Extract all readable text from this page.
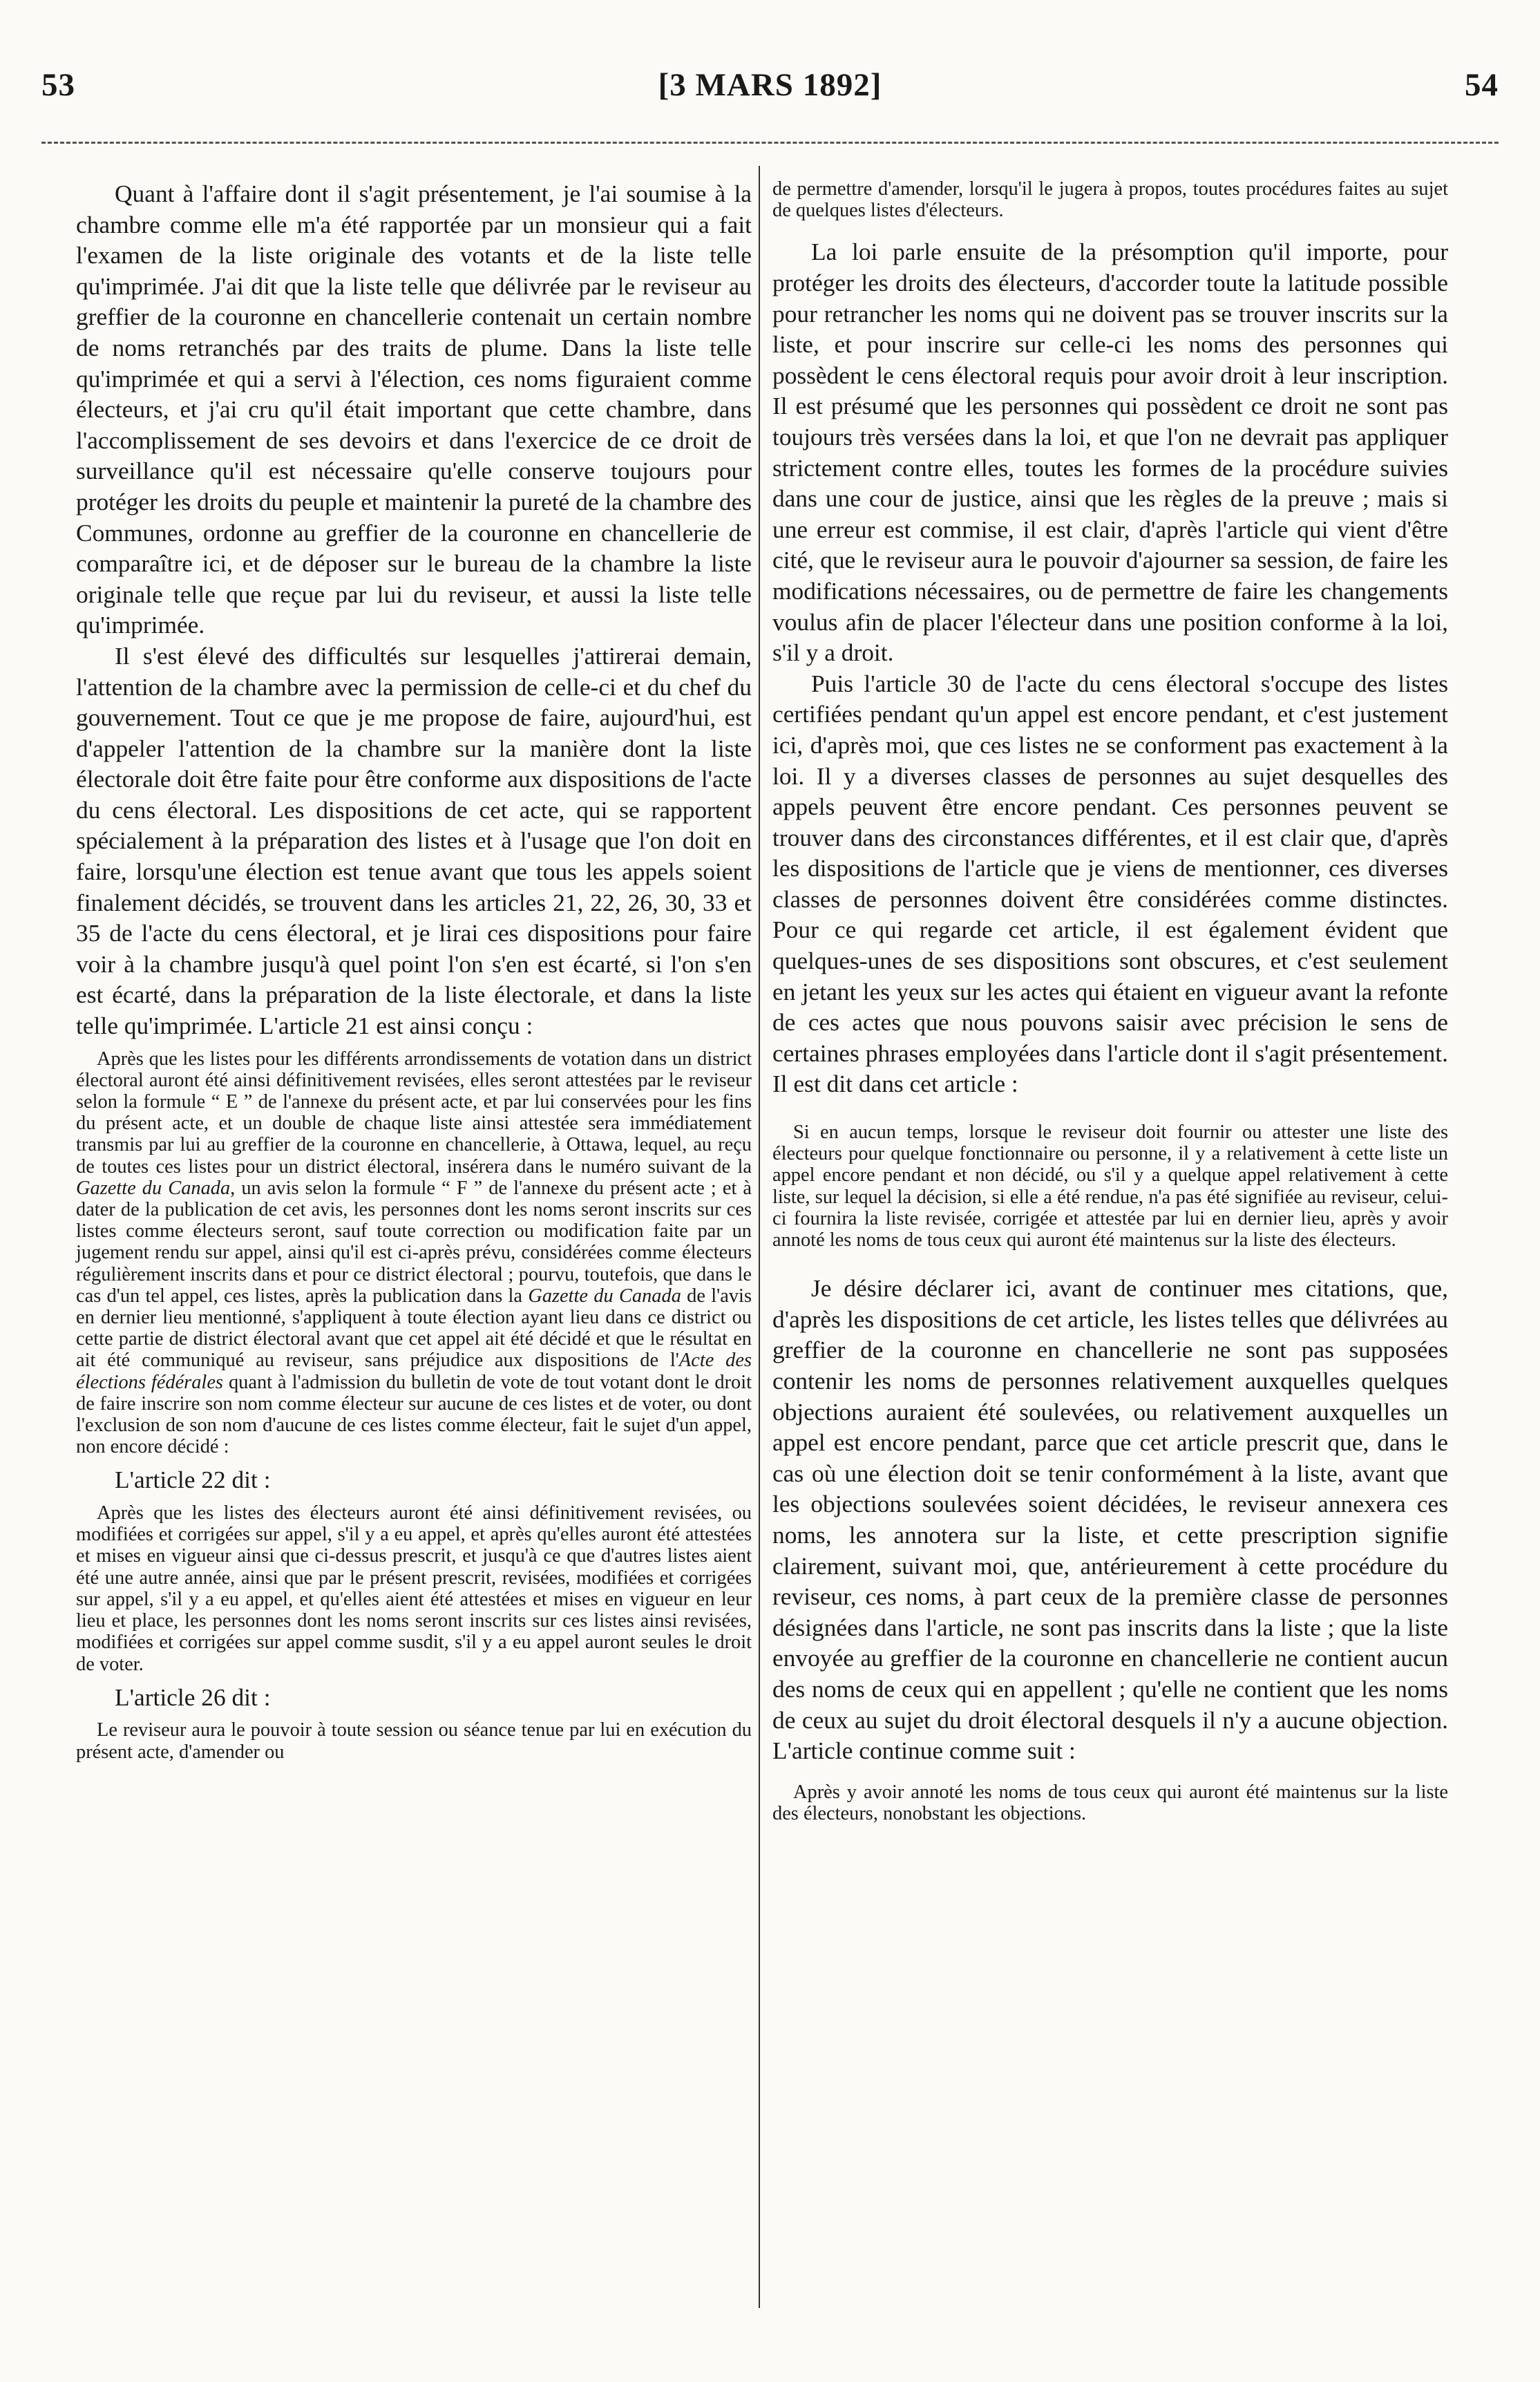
53	[3 MARS 1892]	54

Quant à l'affaire dont il s'agit présentement, je l'ai soumise à la chambre comme elle m'a été rapportée par un monsieur qui a fait l'examen de la liste originale des votants et de la liste telle qu'imprimée. J'ai dit que la liste telle que délivrée par le reviseur au greffier de la couronne en chancellerie contenait un certain nombre de noms retranchés par des traits de plume. Dans la liste telle qu'imprimée et qui a servi à l'élection, ces noms figuraient comme électeurs, et j'ai cru qu'il était important que cette chambre, dans l'accomplissement de ses devoirs et dans l'exercice de ce droit de surveillance qu'il est nécessaire qu'elle conserve toujours pour protéger les droits du peuple et maintenir la pureté de la chambre des Communes, ordonne au greffier de la couronne en chancellerie de comparaître ici, et de déposer sur le bureau de la chambre la liste originale telle que reçue par lui du reviseur, et aussi la liste telle qu'imprimée.

Il s'est élevé des difficultés sur lesquelles j'attirerai demain, l'attention de la chambre avec la permission de celle-ci et du chef du gouvernement. Tout ce que je me propose de faire, aujourd'hui, est d'appeler l'attention de la chambre sur la manière dont la liste électorale doit être faite pour être conforme aux dispositions de l'acte du cens électoral. Les dispositions de cet acte, qui se rapportent spécialement à la préparation des listes et à l'usage que l'on doit en faire, lorsqu'une élection est tenue avant que tous les appels soient finalement décidés, se trouvent dans les articles 21, 22, 26, 30, 33 et 35 de l'acte du cens électoral, et je lirai ces dispositions pour faire voir à la chambre jusqu'à quel point l'on s'en est écarté, si l'on s'en est écarté, dans la préparation de la liste électorale, et dans la liste telle qu'imprimée. L'article 21 est ainsi conçu :

Après que les listes pour les différents arrondissements de votation dans un district électoral auront été ainsi définitivement revisées, elles seront attestées par le reviseur selon la formule “ E ” de l'annexe du présent acte, et par lui conservées pour les fins du présent acte, et un double de chaque liste ainsi attestée sera immédiatement transmis par lui au greffier de la couronne en chancellerie, à Ottawa, lequel, au reçu de toutes ces listes pour un district électoral, insérera dans le numéro suivant de la Gazette du Canada, un avis selon la formule “ F ” de l'annexe du présent acte ; et à dater de la publication de cet avis, les personnes dont les noms seront inscrits sur ces listes comme électeurs seront, sauf toute correction ou modification faite par un jugement rendu sur appel, ainsi qu'il est ci-après prévu, considérées comme électeurs régulièrement inscrits dans et pour ce district électoral ; pourvu, toutefois, que dans le cas d'un tel appel, ces listes, après la publication dans la Gazette du Canada de l'avis en dernier lieu mentionné, s'appliquent à toute élection ayant lieu dans ce district ou cette partie de district électoral avant que cet appel ait été décidé et que le résultat en ait été communiqué au reviseur, sans préjudice aux dispositions de l'Acte des élections fédérales quant à l'admission du bulletin de vote de tout votant dont le droit de faire inscrire son nom comme électeur sur aucune de ces listes et de voter, ou dont l'exclusion de son nom d'aucune de ces listes comme électeur, fait le sujet d'un appel, non encore décidé :

L'article 22 dit :

Après que les listes des électeurs auront été ainsi définitivement revisées, ou modifiées et corrigées sur appel, s'il y a eu appel, et après qu'elles auront été attestées et mises en vigueur ainsi que ci-dessus prescrit, et jusqu'à ce que d'autres listes aient été une autre année, ainsi que par le présent prescrit, revisées, modifiées et corrigées sur appel, s'il y a eu appel, et qu'elles aient été attestées et mises en vigueur en leur lieu et place, les personnes dont les noms seront inscrits sur ces listes ainsi revisées, modifiées et corrigées sur appel comme susdit, s'il y a eu appel auront seules le droit de voter.

L'article 26 dit :

Le reviseur aura le pouvoir à toute session ou séance tenue par lui en exécution du présent acte, d'amender ou

de permettre d'amender, lorsqu'il le jugera à propos, toutes procédures faites au sujet de quelques listes d'électeurs.

La loi parle ensuite de la présomption qu'il importe, pour protéger les droits des électeurs, d'accorder toute la latitude possible pour retrancher les noms qui ne doivent pas se trouver inscrits sur la liste, et pour inscrire sur celle-ci les noms des personnes qui possèdent le cens électoral requis pour avoir droit à leur inscription. Il est présumé que les personnes qui possèdent ce droit ne sont pas toujours très versées dans la loi, et que l'on ne devrait pas appliquer strictement contre elles, toutes les formes de la procédure suivies dans une cour de justice, ainsi que les règles de la preuve ; mais si une erreur est commise, il est clair, d'après l'article qui vient d'être cité, que le reviseur aura le pouvoir d'ajourner sa session, de faire les modifications nécessaires, ou de permettre de faire les changements voulus afin de placer l'électeur dans une position conforme à la loi, s'il y a droit.

Puis l'article 30 de l'acte du cens électoral s'occupe des listes certifiées pendant qu'un appel est encore pendant, et c'est justement ici, d'après moi, que ces listes ne se conforment pas exactement à la loi. Il y a diverses classes de personnes au sujet desquelles des appels peuvent être encore pendant. Ces personnes peuvent se trouver dans des circonstances différentes, et il est clair que, d'après les dispositions de l'article que je viens de mentionner, ces diverses classes de personnes doivent être considérées comme distinctes. Pour ce qui regarde cet article, il est également évident que quelques-unes de ses dispositions sont obscures, et c'est seulement en jetant les yeux sur les actes qui étaient en vigueur avant la refonte de ces actes que nous pouvons saisir avec précision le sens de certaines phrases employées dans l'article dont il s'agit présentement. Il est dit dans cet article :

Si en aucun temps, lorsque le reviseur doit fournir ou attester une liste des électeurs pour quelque fonctionnaire ou personne, il y a relativement à cette liste un appel encore pendant et non décidé, ou s'il y a quelque appel relativement à cette liste, sur lequel la décision, si elle a été rendue, n'a pas été signifiée au reviseur, celui-ci fournira la liste revisée, corrigée et attestée par lui en dernier lieu, après y avoir annoté les noms de tous ceux qui auront été maintenus sur la liste des électeurs.

Je désire déclarer ici, avant de continuer mes citations, que, d'après les dispositions de cet article, les listes telles que délivrées au greffier de la couronne en chancellerie ne sont pas supposées contenir les noms de personnes relativement auxquelles quelques objections auraient été soulevées, ou relativement auxquelles un appel est encore pendant, parce que cet article prescrit que, dans le cas où une élection doit se tenir conformément à la liste, avant que les objections soulevées soient décidées, le reviseur annexera ces noms, les annotera sur la liste, et cette prescription signifie clairement, suivant moi, que, antérieurement à cette procédure du reviseur, ces noms, à part ceux de la première classe de personnes désignées dans l'article, ne sont pas inscrits dans la liste ; que la liste envoyée au greffier de la couronne en chancellerie ne contient aucun des noms de ceux qui en appellent ; qu'elle ne contient que les noms de ceux au sujet du droit électoral desquels il n'y a aucune objection. L'article continue comme suit :

Après y avoir annoté les noms de tous ceux qui auront été maintenus sur la liste des électeurs, nonobstant les objections.
